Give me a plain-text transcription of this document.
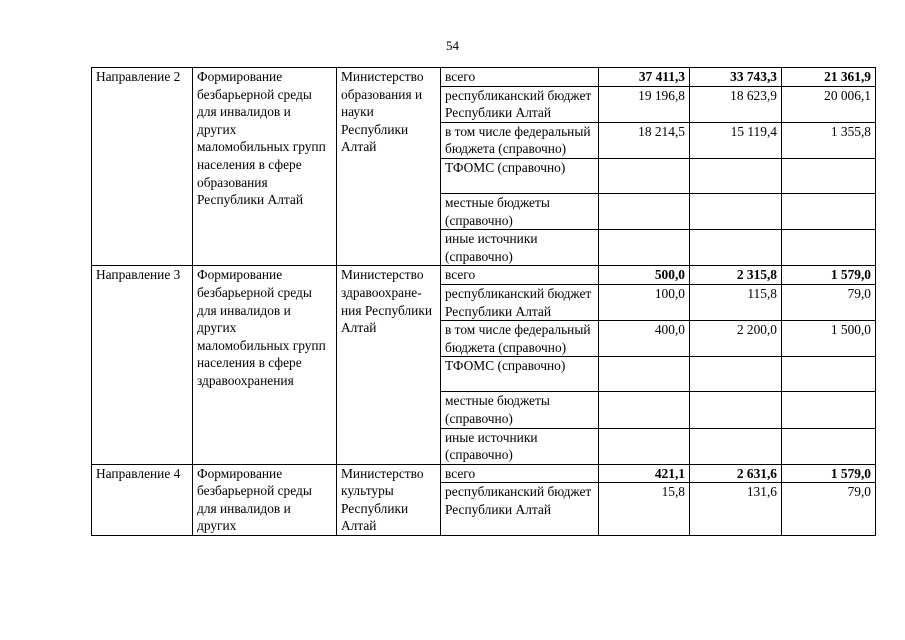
54
Направление 2	Формирование безбарьерной среды для инвалидов и других маломобильных групп населения в сфере образования Республики Алтай	Министерство образования и науки Республики Алтай	всего	37 411,3	33 743,3	21 361,9
			республиканский бюджет Республики Алтай	19 196,8	18 623,9	20 006,1
			в том числе федеральный бюджета (справочно)	18 214,5	15 119,4	1 355,8
			ТФОМС (справочно)			
			местные бюджеты (справочно)			
			иные источники (справочно)			
Направление 3	Формирование безбарьерной среды для инвалидов и других маломобильных групп населения в сфере здравоохранения	Министерство здравоохране-ния Республики Алтай	всего	500,0	2 315,8	1 579,0
			республиканский бюджет Республики Алтай	100,0	115,8	79,0
			в том числе федеральный бюджета (справочно)	400,0	2 200,0	1 500,0
			ТФОМС (справочно)			
			местные бюджеты (справочно)			
			иные источники (справочно)			
Направление 4	Формирование безбарьерной среды для инвалидов и других	Министерство культуры Республики Алтай	всего	421,1	2 631,6	1 579,0
			республиканский бюджет Республики Алтай	15,8	131,6	79,0
